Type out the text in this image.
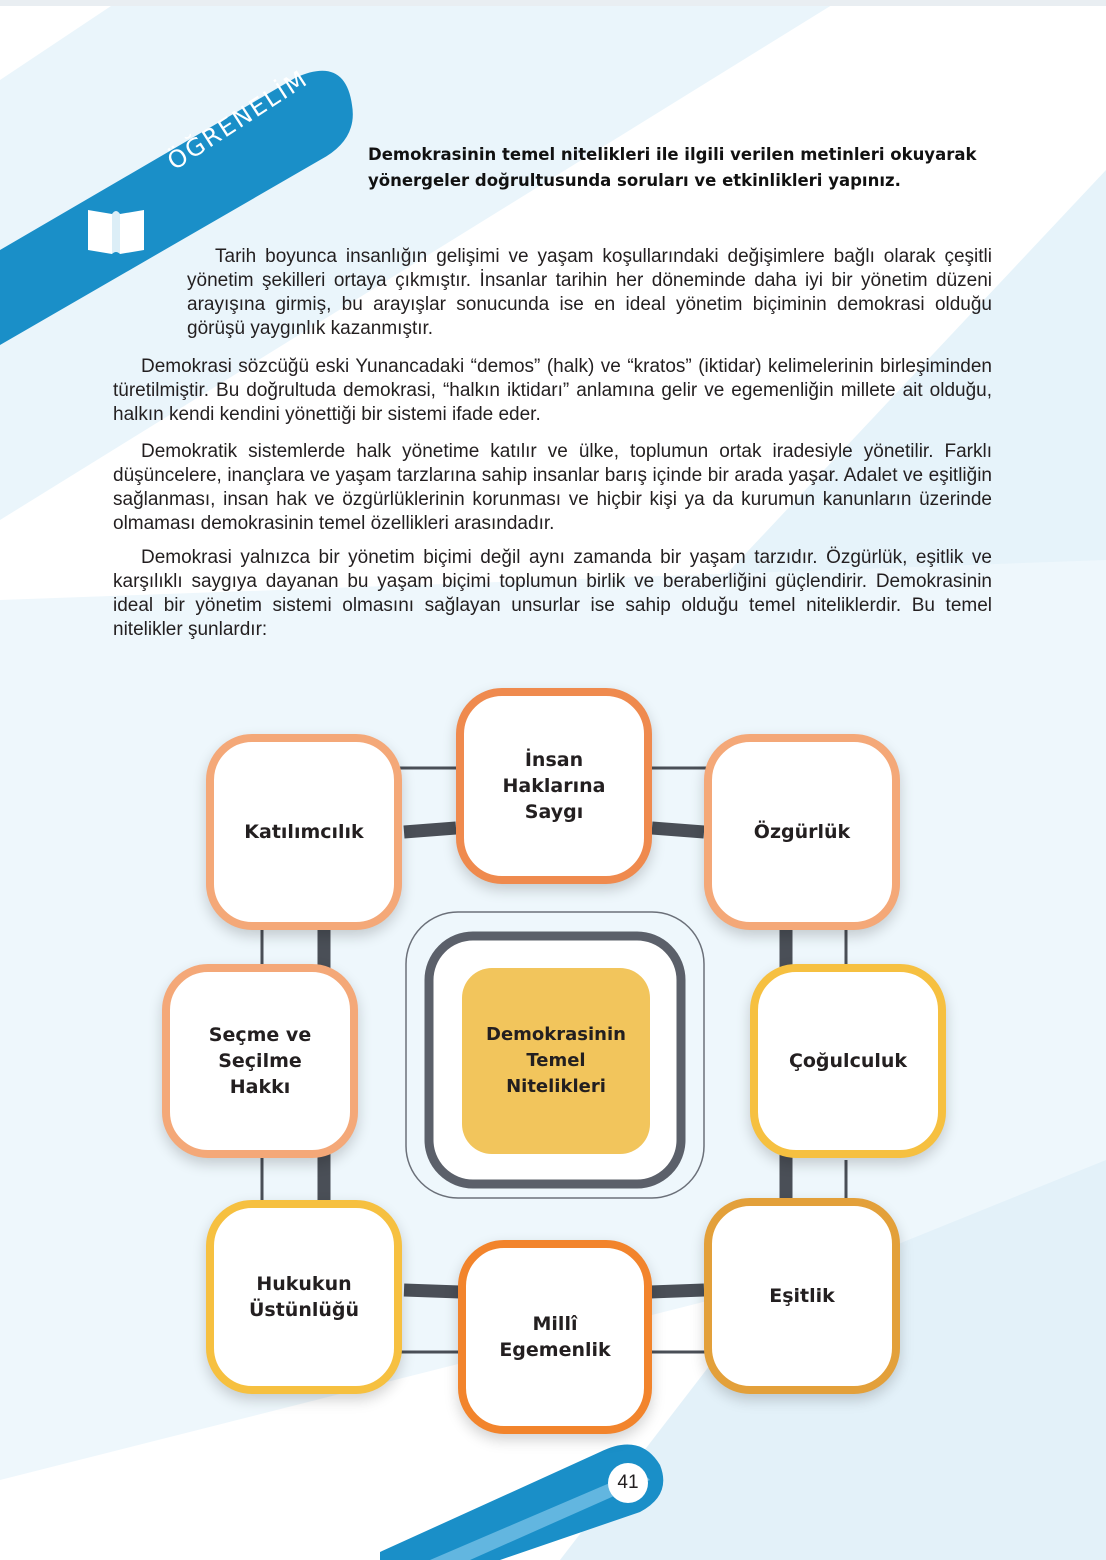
ÖĞRENELİM	Demokrasinin temel nitelikleri ile ilgili verilen metinleri okuyarak yönergeler doğrultusunda soruları ve etkinlikleri yapınız.

Tarih boyunca insanlığın gelişimi ve yaşam koşullarındaki değişimlere bağlı olarak çeşitli yönetim şekilleri ortaya çıkmıştır. İnsanlar tarihin her döneminde daha iyi bir yönetim düzeni arayışına girmiş, bu arayışlar sonucunda ise en ideal yönetim biçiminin demokrasi olduğu görüşü yaygınlık kazanmıştır.

Demokrasi sözcüğü eski Yunancadaki “demos” (halk) ve “kratos” (iktidar) kelimelerinin birleşiminden türetilmiştir. Bu doğrultuda demokrasi, “halkın iktidarı” anlamına gelir ve egemenliğin millete ait olduğu, halkın kendi kendini yönettiği bir sistemi ifade eder.

Demokratik sistemlerde halk yönetime katılır ve ülke, toplumun ortak iradesiyle yönetilir. Farklı düşüncelere, inançlara ve yaşam tarzlarına sahip insanlar barış içinde bir arada yaşar. Adalet ve eşitliğin sağlanması, insan hak ve özgürlüklerinin korunması ve hiçbir kişi ya da kurumun kanunların üzerinde olmaması demokrasinin temel özellikleri arasındadır.

Demokrasi yalnızca bir yönetim biçimi değil aynı zamanda bir yaşam tarzıdır. Özgürlük, eşitlik ve karşılıklı saygıya dayanan bu yaşam biçimi toplumun birlik ve beraberliğini güçlendirir. Demokrasinin ideal bir yönetim sistemi olmasını sağlayan unsurlar ise sahip olduğu temel niteliklerdir. Bu temel nitelikler şunlardır:

Demokrasinin
Temel
Nitelikleri
Katılımcılık
İnsan
Haklarına
Saygı
Özgürlük
Seçme ve
Seçilme
Hakkı
Çoğulculuk
Hukukun
Üstünlüğü
Millî
Egemenlik
Eşitlik
41
